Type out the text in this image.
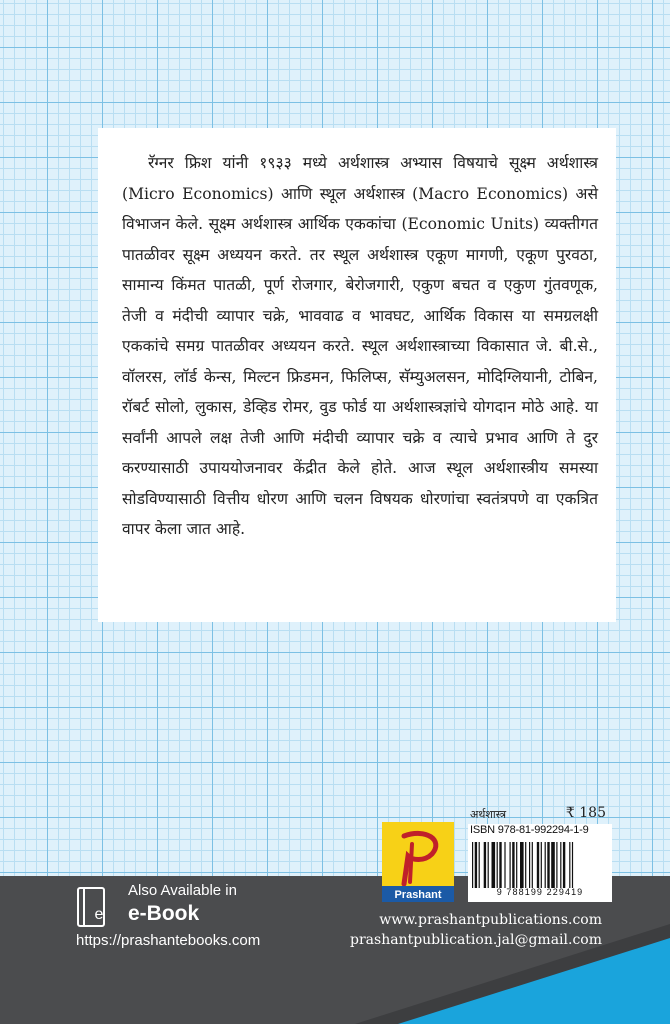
रॅग्नर फ्रिश यांनी १९३३ मध्ये अर्थशास्त्र अभ्यास विषयाचे सूक्ष्म अर्थशास्त्र (Micro Economics) आणि स्थूल अर्थशास्त्र (Macro Economics) असे विभाजन केले. सूक्ष्म अर्थशास्त्र आर्थिक एककांचा (Economic Units) व्यक्तीगत पातळीवर सूक्ष्म अध्ययन करते. तर स्थूल अर्थशास्त्र एकूण मागणी, एकूण पुरवठा, सामान्य किंमत पातळी, पूर्ण रोजगार, बेरोजगारी, एकुण बचत व एकुण गुंतवणूक, तेजी व मंदीची व्यापार चक्रे, भाववाढ व भावघट, आर्थिक विकास या समग्रलक्षी एककांचे समग्र पातळीवर अध्ययन करते. स्थूल अर्थशास्त्राच्या विकासात जे. बी.से., वॉलरस, लॉर्ड केन्स, मिल्टन फ्रिडमन, फिलिप्स, सॅम्युअलसन, मोदिग्लियानी, टोबिन, रॉबर्ट सोलो, लुकास, डेव्हिड रोमर, वुड फोर्ड या अर्थशास्त्रज्ञांचे योगदान मोठे आहे. या सर्वांनी आपले लक्ष तेजी आणि मंदीची व्यापार चक्रे व त्याचे प्रभाव आणि ते दुर करण्यासाठी उपाययोजनावर केंद्रीत केले होते. आज स्थूल अर्थशास्त्रीय समस्या सोडविण्यासाठी वित्तीय धोरण आणि चलन विषयक धोरणांचा स्वतंत्रपणे वा एकत्रित वापर केला जात आहे.

अर्थशास्त्र	₹ 185
Prashant
ISBN 978-81-992294-1-9
9 788199 229419
e
Also Available in
e-Book
https://prashantebooks.com
www.prashantpublications.com
prashantpublication.jal@gmail.com
